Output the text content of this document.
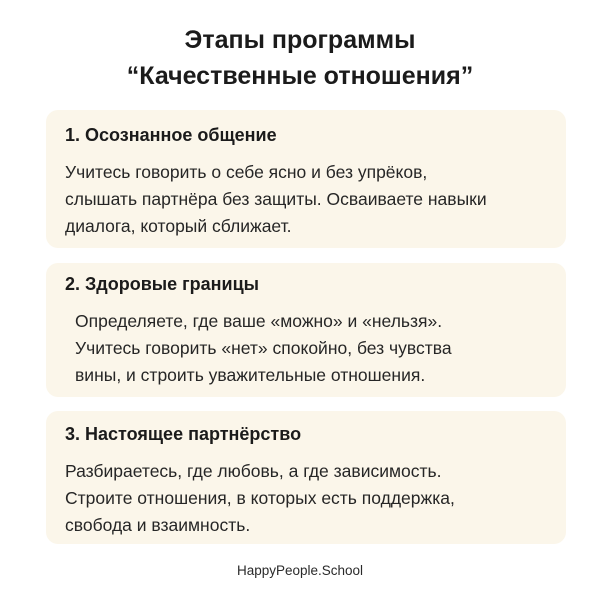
Этапы программы
“Качественные отношения”
1. Осознанное общение
Учитесь говорить о себе ясно и без упрёков,
слышать партнёра без защиты. Осваиваете навыки
диалога, который сближает.
2. Здоровые границы
Определяете, где ваше «можно» и «нельзя».
Учитесь говорить «нет» спокойно, без чувства
вины, и строить уважительные отношения.
3. Настоящее партнёрство
Разбираетесь, где любовь, а где зависимость.
Строите отношения, в которых есть поддержка,
свобода и взаимность.
HappyPeople.School
